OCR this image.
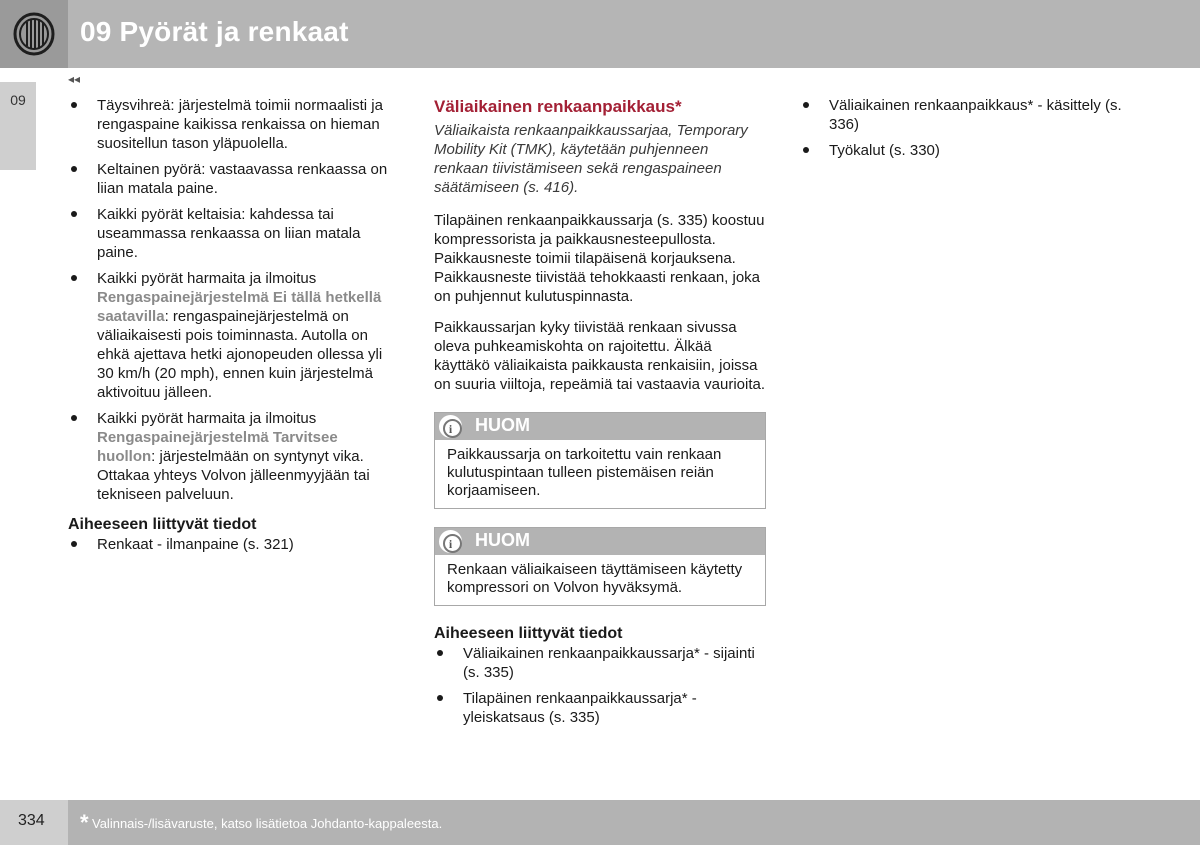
09 Pyörät ja renkaat
09
◂◂
Täysvihreä: järjestelmä toimii normaalisti ja rengaspaine kaikissa renkaissa on hieman suositellun tason yläpuolella.
Keltainen pyörä: vastaavassa renkaassa on liian matala paine.
Kaikki pyörät keltaisia: kahdessa tai useammassa renkaassa on liian matala paine.
Kaikki pyörät harmaita ja ilmoitus Rengaspainejärjestelmä Ei tällä hetkellä saatavilla: rengaspainejärjestelmä on väliaikaisesti pois toiminnasta. Autolla on ehkä ajettava hetki ajonopeuden ollessa yli 30 km/h (20 mph), ennen kuin järjestelmä aktivoituu jälleen.
Kaikki pyörät harmaita ja ilmoitus Rengaspainejärjestelmä Tarvitsee huollon: järjestelmään on syntynyt vika. Ottakaa yhteys Volvon jälleenmyyjään tai tekniseen palveluun.
Aiheeseen liittyvät tiedot
Renkaat - ilmanpaine (s. 321)
Väliaikainen renkaanpaikkaus*

Väliaikaista renkaanpaikkaussarjaa, Temporary Mobility Kit (TMK), käytetään puhjenneen renkaan tiivistämiseen sekä rengaspaineen säätämiseen (s. 416).

Tilapäinen renkaanpaikkaussarja (s. 335) koostuu kompressorista ja paikkausnesteepullosta. Paikkausneste toimii tilapäisenä korjauksena. Paikkausneste tiivistää tehokkaasti renkaan, joka on puhjennut kulutuspinnasta.

Paikkaussarjan kyky tiivistää renkaan sivussa oleva puhkeamiskohta on rajoitettu. Älkää käyttäkö väliaikaista paikkausta renkaisiin, joissa on suuria viiltoja, repeämiä tai vastaavia vaurioita.

i	HUOM
Paikkaussarja on tarkoitettu vain renkaan kulutuspintaan tulleen pistemäisen reiän korjaamiseen.
i	HUOM
Renkaan väliaikaiseen täyttämiseen käytetty kompressori on Volvon hyväksymä.
Aiheeseen liittyvät tiedot
Väliaikainen renkaanpaikkaussarja* - sijainti (s. 335)
Tilapäinen renkaanpaikkaussarja* - yleiskatsaus (s. 335)
Väliaikainen renkaanpaikkaus* - käsittely (s. 336)
Työkalut (s. 330)
334 * Valinnais-/lisävaruste, katso lisätietoa Johdanto-kappaleesta.
